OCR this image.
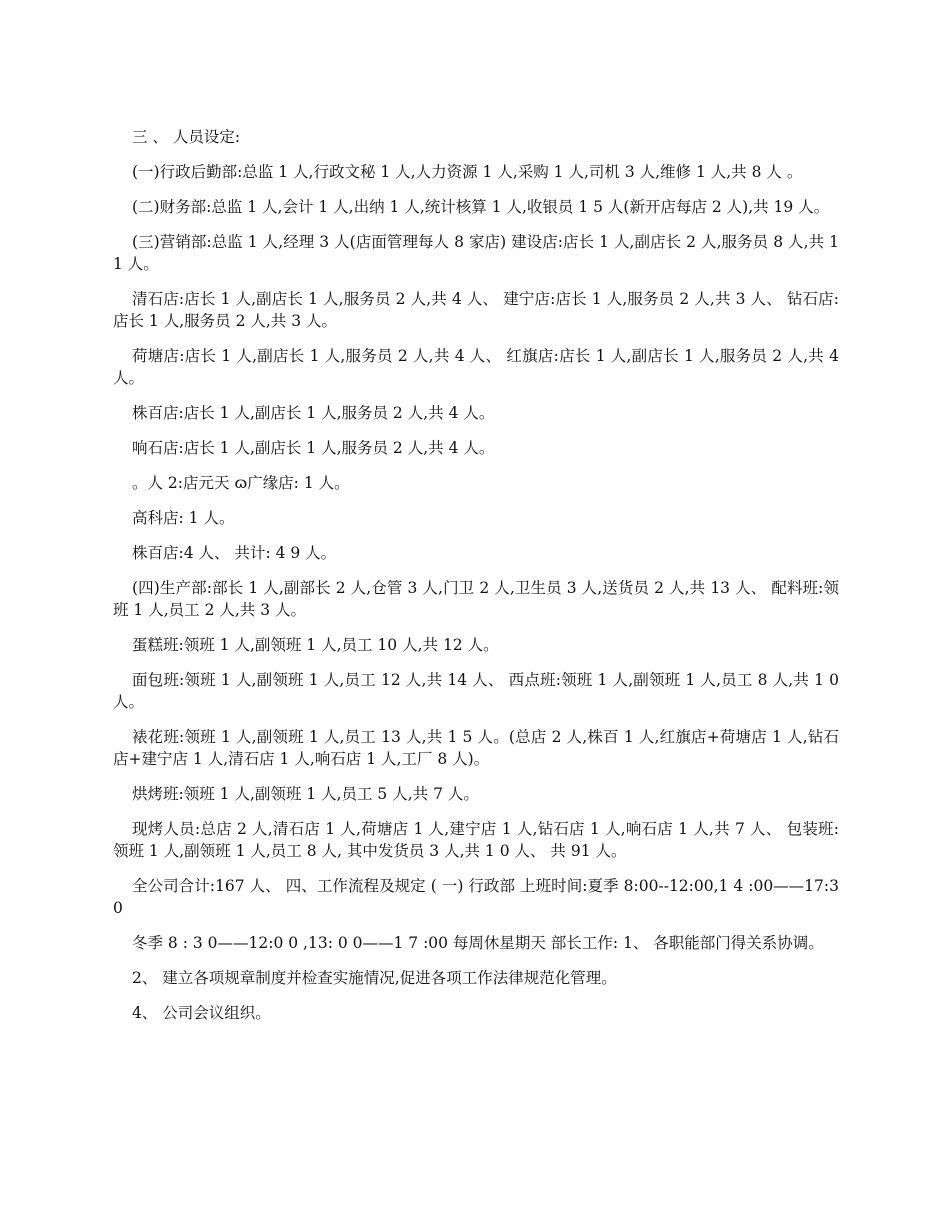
三 、 人员设定:

(一)行政后勤部:总监 1 人,行政文秘 1 人,人力资源 1 人,采购 1 人,司机 3 人,维修 1 人,共 8 人 。

(二)财务部:总监 1 人,会计 1 人,出纳 1 人,统计核算 1 人,收银员 1 5 人(新开店每店 2 人),共 19 人。

(三)营销部:总监 1 人,经理 3 人(店面管理每人 8 家店) 建设店:店长 1 人,副店长 2 人,服务员 8 人,共 11 人。

清石店:店长 1 人,副店长 1 人,服务员 2 人,共 4 人、 建宁店:店长 1 人,服务员 2 人,共 3 人、 钻石店:店长 1 人,服务员 2 人,共 3 人。

荷塘店:店长 1 人,副店长 1 人,服务员 2 人,共 4 人、 红旗店:店长 1 人,副店长 1 人,服务员 2 人,共 4 人。

株百店:店长 1 人,副店长 1 人,服务员 2 人,共 4 人。

响石店:店长 1 人,副店长 1 人,服务员 2 人,共 4 人。

。人 2:店元天 ɷ广缘店: 1 人。

高科店: 1 人。

株百店:4 人、 共计: 4 9 人。

(四)生产部:部长 1 人,副部长 2 人,仓管 3 人,门卫 2 人,卫生员 3 人,送货员 2 人,共 13 人、 配料班:领班 1 人,员工 2 人,共 3 人。

蛋糕班:领班 1 人,副领班 1 人,员工 10 人,共 12 人。

面包班:领班 1 人,副领班 1 人,员工 12 人,共 14 人、 西点班:领班 1 人,副领班 1 人,员工 8 人,共 1 0 人。

裱花班:领班 1 人,副领班 1 人,员工 13 人,共 1 5 人。(总店 2 人,株百 1 人,红旗店+荷塘店 1 人,钻石店+建宁店 1 人,清石店 1 人,响石店 1 人,工厂 8 人)。

烘烤班:领班 1 人,副领班 1 人,员工 5 人,共 7 人。

现烤人员:总店 2 人,清石店 1 人,荷塘店 1 人,建宁店 1 人,钻石店 1 人,响石店 1 人,共 7 人、 包装班:领班 1 人,副领班 1 人,员工 8 人, 其中发货员 3 人,共 1 0 人、 共 91 人。

全公司合计:167 人、 四、工作流程及规定 ( 一) 行政部 上班时间:夏季 8:00--12:00,1 4 :00——17:30

冬季 8 : 3 0——12:0 0 ,13: 0 0——1 7 :00 每周休星期天 部长工作: 1、 各职能部门得关系协调。

2、 建立各项规章制度并检查实施情况,促进各项工作法律规范化管理。

4、 公司会议组织。
